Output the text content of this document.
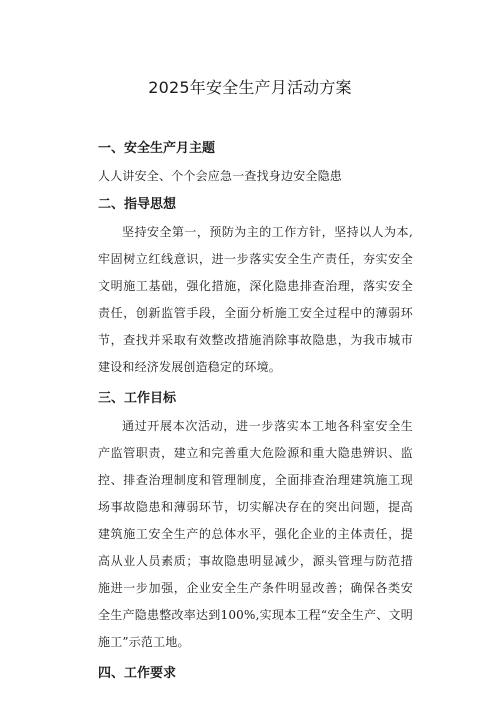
2025年安全生产月活动方案
一、安全生产月主题

人人讲安全、个个会应急一查找身边安全隐患

二、指导思想

坚持安全第一，预防为主的工作方针，坚持以人为本,牢固树立红线意识，进一步落实安全生产责任，夯实安全文明施工基础，强化措施，深化隐患排查治理，落实安全责任，创新监管手段，全面分析施工安全过程中的薄弱环节，查找并采取有效整改措施消除事故隐患，为我市城市建设和经济发展创造稳定的环境。

三、工作目标

通过开展本次活动，进一步落实本工地各科室安全生产监管职责，建立和完善重大危险源和重大隐患辨识、监控、排查治理制度和管理制度，全面排查治理建筑施工现场事故隐患和薄弱环节，切实解决存在的突出问题，提高建筑施工安全生产的总体水平，强化企业的主体责任，提高从业人员素质；事故隐患明显减少，源头管理与防范措施进一步加强，企业安全生产条件明显改善；确保各类安全生产隐患整改率达到100%,实现本工程“安全生产、文明施工”示范工地。

四、工作要求
